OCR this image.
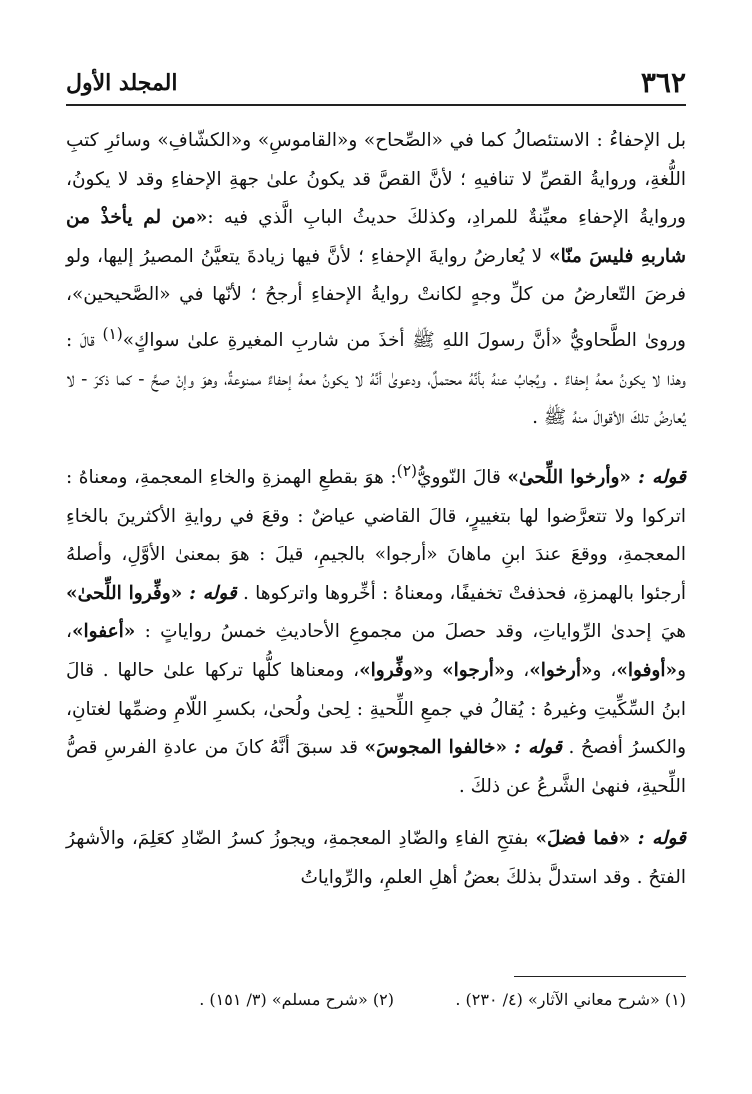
٣٦٢
المجلد الأول

بل الإحفاءُ : الاستئصالُ كما في «الصِّحاح» و«القاموسِ» و«الكشّافِ» وسائرِ كتبِ اللُّغةِ، وروايةُ القصِّ لا تنافيهِ ؛ لأنَّ القصَّ قد يكونُ علىٰ جهةِ الإحفاءِ وقد لا يكونُ، وروايةُ الإحفاءِ معيِّنةٌ للمرادِ، وكذلكَ حديثُ البابِ الَّذي فيه :«من لم يأخذْ من شاربهِ فليسَ منّا» لا يُعارضُ روايةَ الإحفاءِ ؛ لأنَّ فيها زيادةَ يتعيَّنُ المصيرُ إليها، ولو فرضَ التّعارضُ من كلِّ وجهٍ لكانتْ روايةُ الإحفاءِ أرجحُ ؛ لأنّها في «الصَّحيحين»، وروىٰ الطَّحاويُّ «أنَّ رسولَ اللهِ ﷺ أخذَ من شاربِ المغيرةِ علىٰ سواكٍ»$^{(١)}$ قالَ : وهذا لا يكونُ معهُ إحفاءٌ . ويُجابُ عنهُ بأنَّهُ محتملٌ، ودعوىٰ أنَّهُ لا يكونُ معهُ إحفاءٌ ممنوعةٌ، وهوَ وإنْ صحَّ - كما ذكرَ - لا يُعارضُ تلكَ الأقوالَ منهُ ﷺ .

قوله : «وأرخوا اللِّحىٰ» قالَ النّوويُّ$^{(٢)}$: هوَ بقطعِ الهمزةِ والخاءِ المعجمةِ، ومعناهُ : اتركوا ولا تتعرَّضوا لها بتغييرٍ، قالَ القاضي عياضٌ : وقعَ في روايةِ الأكثرينَ بالخاءِ المعجمةِ، ووقعَ عندَ ابنِ ماهانَ «أرجوا» بالجيمِ، قيلَ : هوَ بمعنىٰ الأوَّلِ، وأصلهُ أرجئوا بالهمزةِ، فحذفتْ تخفيفًا، ومعناهُ : أخِّروها واتركوها . قوله : «وفِّروا اللِّحىٰ» هيَ إحدىٰ الرِّواياتِ، وقد حصلَ من مجموعِ الأحاديثِ خمسُ رواياتٍ : «أعفوا»، و«أوفوا»، و«أرخوا»، و«أرجوا» و«وفِّروا»، ومعناها كلُّها تركها علىٰ حالها . قالَ ابنُ السِّكِّيتِ وغيرهُ : يُقالُ في جمعِ اللِّحيةِ : لِحىٰ ولُحىٰ، بكسرِ اللّامِ وضمِّها لغتانِ، والكسرُ أفصحُ . قوله : «خالفوا المجوسَ» قد سبقَ أنَّهُ كانَ من عادةِ الفرسِ قصُّ اللِّحيةِ، فنهىٰ الشَّرعُ عن ذلكَ .

قوله : «فما فضلَ» بفتحِ الفاءِ والضّادِ المعجمةِ، ويجوزُ كسرُ الضّادِ كعَلِمَ، والأشهرُ الفتحُ . وقد استدلَّ بذلكَ بعضُ أهلِ العلمِ، والرِّواياتُ

(١) «شرح معاني الآثار» (٤/ ٢٣٠) .
(٢) «شرح مسلم» (٣/ ١٥١) .
